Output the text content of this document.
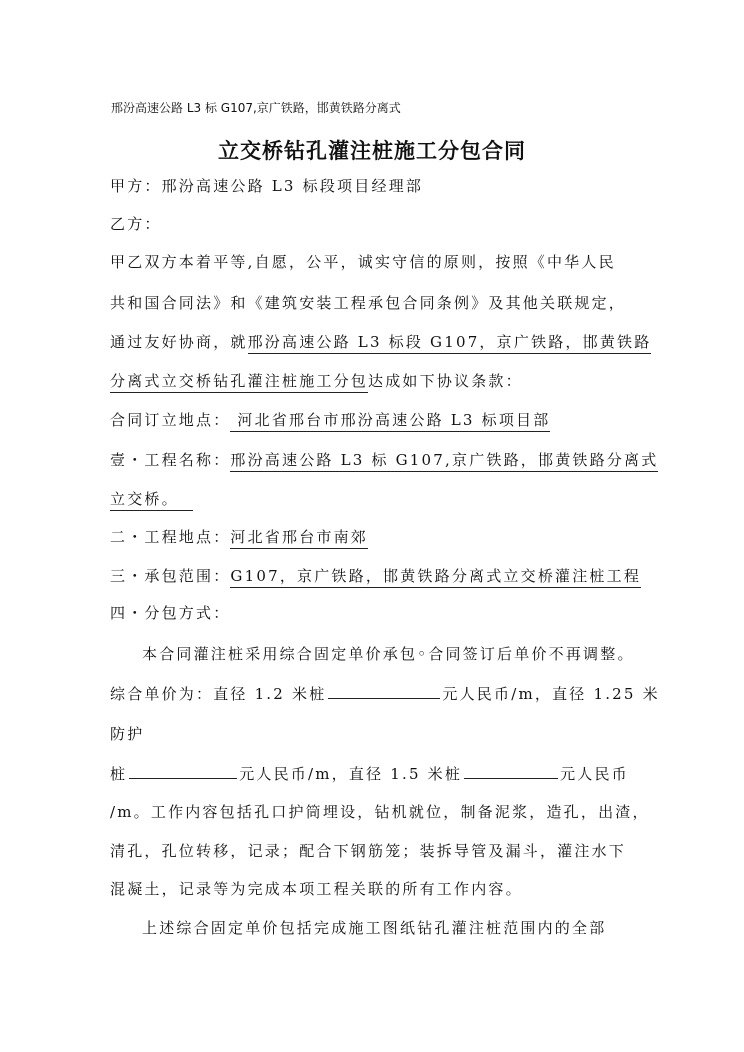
邢汾高速公路 L3 标 G107,京广铁路，邯黄铁路分离式
立交桥钻孔灌注桩施工分包合同
甲方：邢汾高速公路 L3 标段项目经理部
乙方：
甲乙双方本着平等,自愿，公平，诚实守信的原则，按照《中华人民
共和国合同法》和《建筑安装工程承包合同条例》及其他关联规定，
通过友好协商，就邢汾高速公路 L3 标段 G107，京广铁路，邯黄铁路
分离式立交桥钻孔灌注桩施工分包达成如下协议条款：
合同订立地点： 河北省邢台市邢汾高速公路 L3 标项目部
壹・工程名称：邢汾高速公路 L3 标 G107,京广铁路，邯黄铁路分离式
立交桥。
二・工程地点：河北省邢台市南郊
三・承包范围：G107，京广铁路，邯黄铁路分离式立交桥灌注桩工程
四・分包方式：
本合同灌注桩采用综合固定单价承包◦合同签订后单价不再调整。
综合单价为：直径 1.2 米桩	元人民币/m，直径 1.25 米
防护
桩	元人民币/m，直径 1.5 米桩	元人民币
/m。工作内容包括孔口护筒埋设，钻机就位，制备泥浆，造孔，出渣，
清孔，孔位转移，记录；配合下钢筋笼；装拆导管及漏斗，灌注水下
混凝土，记录等为完成本项工程关联的所有工作内容。
上述综合固定单价包括完成施工图纸钻孔灌注桩范围内的全部
